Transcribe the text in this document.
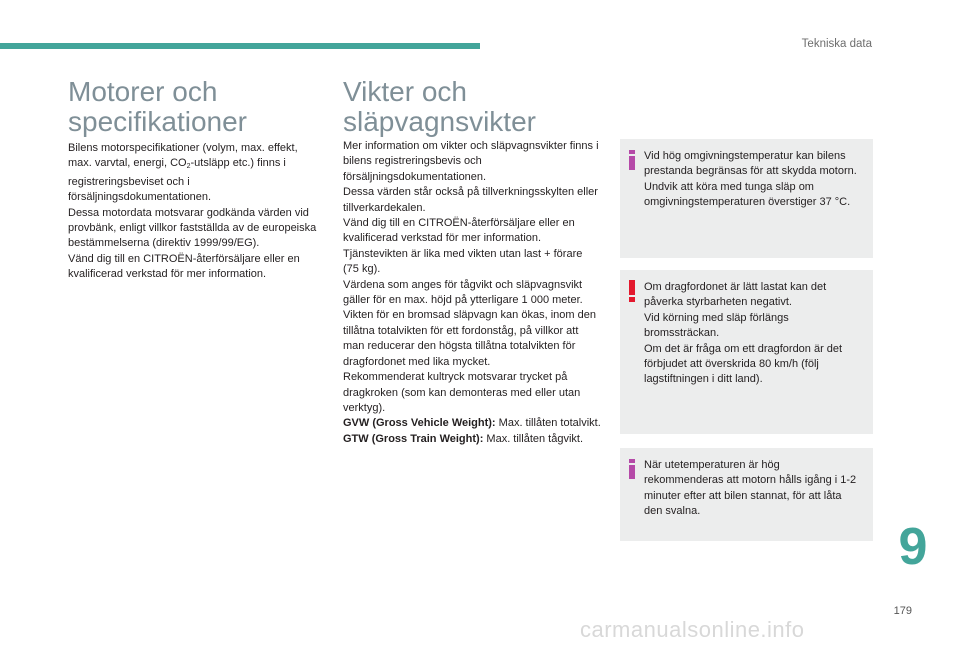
Tekniska data
Motorer och
specifikationer

Bilens motorspecifikationer (volym, max. effekt, max. varvtal, energi, $CO_2$-utsläpp etc.) finns i registreringsbeviset och i försäljningsdokumentationen.

Dessa motordata motsvarar godkända värden vid provbänk, enligt villkor fastställda av de europeiska bestämmelserna (direktiv 1999/99/EG).

Vänd dig till en CITROËN-återförsäljare eller en kvalificerad verkstad för mer information.

Vikter och
släpvagnsvikter

Mer information om vikter och släpvagnsvikter finns i bilens registreringsbevis och försäljningsdokumentationen.

Dessa värden står också på tillverkningsskylten eller tillverkardekalen.

Vänd dig till en CITROËN-återförsäljare eller en kvalificerad verkstad för mer information.

Tjänstevikten är lika med vikten utan last + förare (75 kg).

Värdena som anges för tågvikt och släpvagnsvikt gäller för en max. höjd på ytterligare 1 000 meter.

Vikten för en bromsad släpvagn kan ökas, inom den tillåtna totalvikten för ett fordonståg, på villkor att man reducerar den högsta tillåtna totalvikten för dragfordonet med lika mycket.

Rekommenderat kultryck motsvarar trycket på dragkroken (som kan demonteras med eller utan verktyg).

GVW (Gross Vehicle Weight): Max. tillåten totalvikt.

GTW (Gross Train Weight): Max. tillåten tågvikt.

Vid hög omgivningstemperatur kan bilens prestanda begränsas för att skydda motorn. Undvik att köra med tunga släp om omgivningstemperaturen överstiger 37 °C.

Om dragfordonet är lätt lastat kan det påverka styrbarheten negativt.

Vid körning med släp förlängs bromssträckan.

Om det är fråga om ett dragfordon är det förbjudet att överskrida 80 km/h (följ lagstiftningen i ditt land).

När utetemperaturen är hög rekommenderas att motorn hålls igång i 1-2 minuter efter att bilen stannat, för att låta den svalna.

9
179
carmanualsonline.info
